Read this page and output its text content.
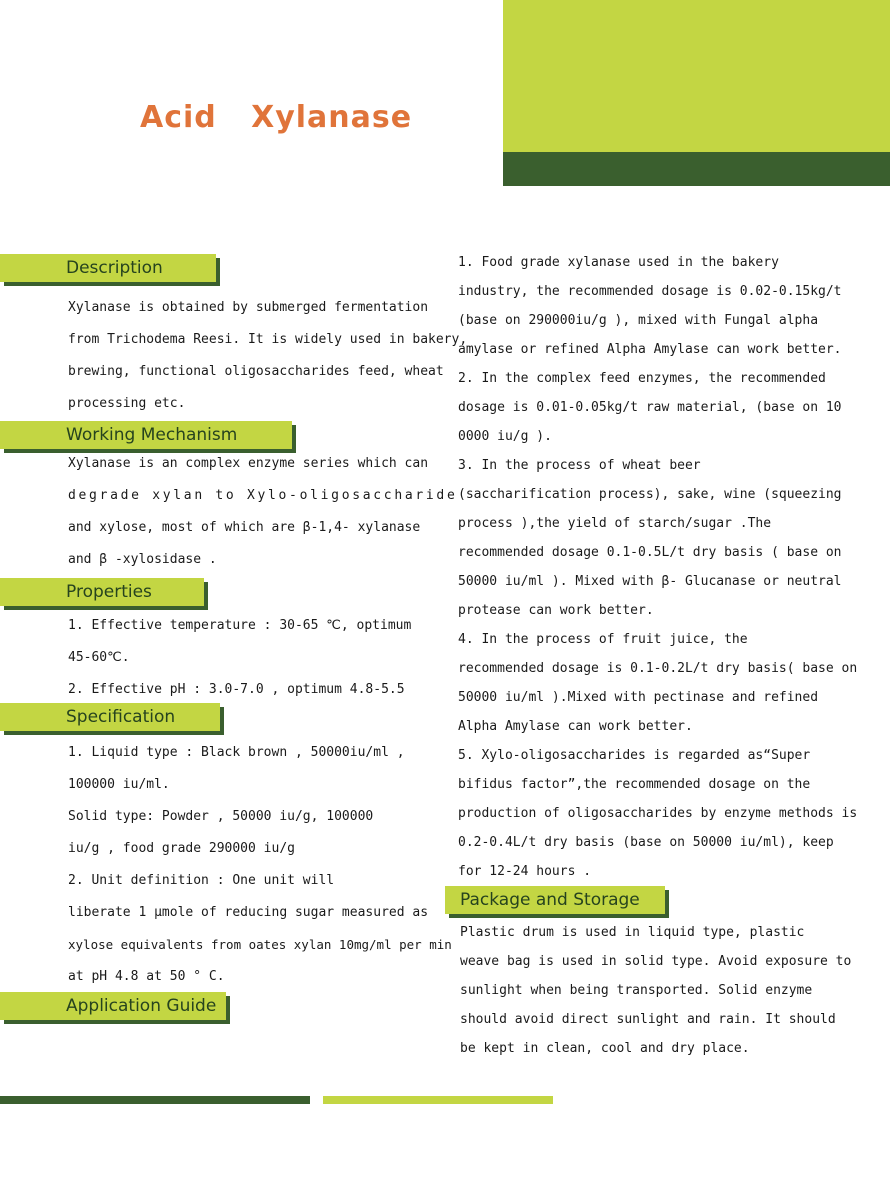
Acid   Xylanase
Description

Xylanase is obtained by submerged fermentation
from Trichodema Reesi. It is widely used in bakery,
brewing, functional oligosaccharides feed, wheat
processing etc.

Working Mechanism

Xylanase is an complex enzyme series which can
degrade xylan to Xylo-oligosaccharide
and xylose, most of which are β-1,4- xylanase
and β -xylosidase .

Properties

1. Effective temperature : 30-65 ℃, optimum
45-60℃.
2. Effective pH : 3.0-7.0 , optimum 4.8-5.5

Specification

1. Liquid type : Black brown , 50000iu/ml ,
100000 iu/ml.
Solid type: Powder , 50000 iu/g, 100000
iu/g , food grade 290000 iu/g
2. Unit definition : One unit will
liberate 1 μmole of reducing sugar measured as
xylose equivalents from oates xylan 10mg/ml per min
at pH 4.8 at 50 ° C.

Application Guide

1. Food grade xylanase used in the bakery
industry, the recommended dosage is 0.02-0.15kg/t
(base on 290000iu/g ), mixed with Fungal alpha
amylase or refined Alpha Amylase can work better.
2. In the complex feed enzymes, the recommended
dosage is 0.01-0.05kg/t raw material, (base on 10
0000 iu/g ).
3. In the process of wheat beer
(saccharification process), sake, wine (squeezing
process ),the yield of starch/sugar .The
recommended dosage 0.1-0.5L/t dry basis ( base on
50000 iu/ml ). Mixed with β- Glucanase or neutral
protease can work better.
4. In the process of fruit juice, the
recommended dosage is 0.1-0.2L/t dry basis( base on
50000 iu/ml ).Mixed with pectinase and refined
Alpha Amylase can work better.
5. Xylo-oligosaccharides is regarded as“Super
bifidus factor”,the recommended dosage on the
production of oligosaccharides by enzyme methods is
0.2-0.4L/t dry basis (base on 50000 iu/ml), keep
for 12-24 hours .

Package and Storage

Plastic drum is used in liquid type, plastic
weave bag is used in solid type. Avoid exposure to
sunlight when being transported. Solid enzyme
should avoid direct sunlight and rain. It should
be kept in clean, cool and dry place.
